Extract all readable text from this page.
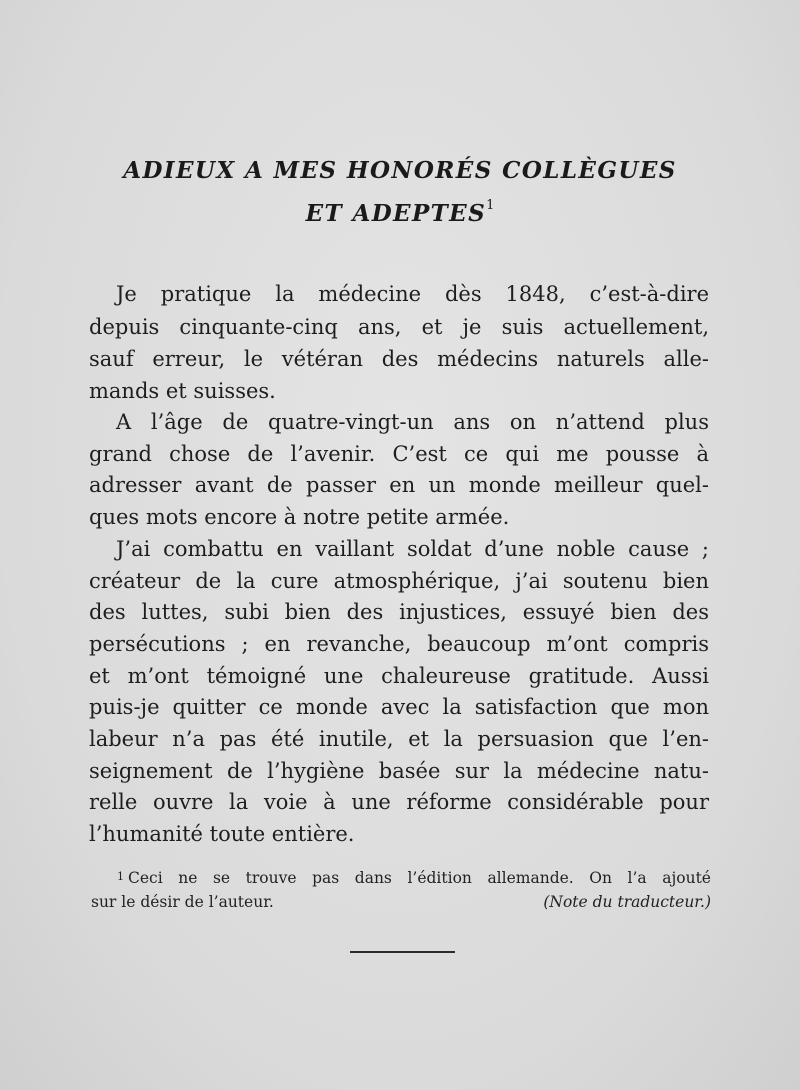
ADIEUX A MES HONORÉS COLLÈGUES
ET ADEPTES$^1$
Je pratique la médecine dès 1848, c’est-à-dire
depuis cinquante-cinq ans, et je suis actuellement,
sauf erreur, le vétéran des médecins naturels alle-
mands et suisses.
A l’âge de quatre-vingt-un ans on n’attend plus
grand chose de l’avenir. C’est ce qui me pousse à
adresser avant de passer en un monde meilleur quel-
ques mots encore à notre petite armée.
J’ai combattu en vaillant soldat d’une noble cause ;
créateur de la cure atmosphérique, j’ai soutenu bien
des luttes, subi bien des injustices, essuyé bien des
persécutions ; en revanche, beaucoup m’ont compris
et m’ont témoigné une chaleureuse gratitude. Aussi
puis-je quitter ce monde avec la satisfaction que mon
labeur n’a pas été inutile, et la persuasion que l’en-
seignement de l’hygiène basée sur la médecine natu-
relle ouvre la voie à une réforme considérable pour
l’humanité toute entière.
$^1$ Ceci ne se trouve pas dans l’édition allemande. On l’a ajouté
sur le désir de l’auteur.	(Note du traducteur.)
